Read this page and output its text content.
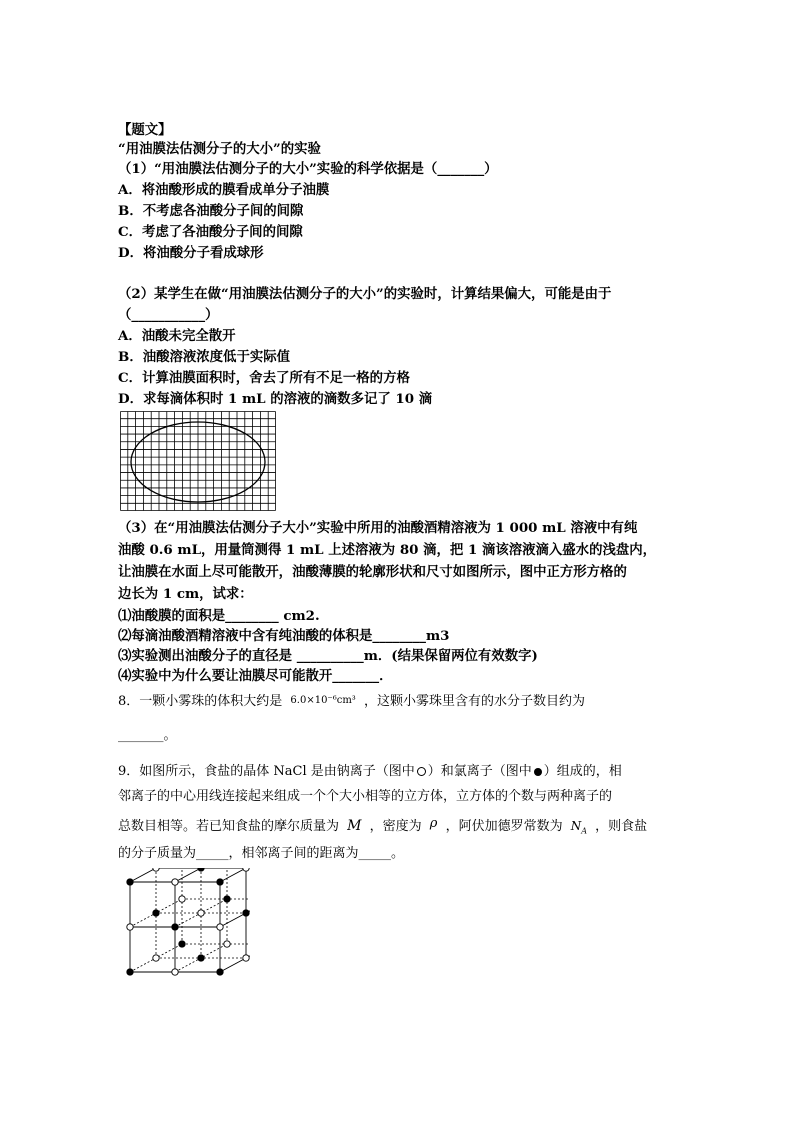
【题文】
“用油膜法估测分子的大小”的实验
（1）“用油膜法估测分子的大小”实验的科学依据是（_______）
A．将油酸形成的膜看成单分子油膜
B．不考虑各油酸分子间的间隙
C．考虑了各油酸分子间的间隙
D．将油酸分子看成球形
（2）某学生在做“用油膜法估测分子的大小”的实验时，计算结果偏大，可能是由于
（___________）
A．油酸未完全散开
B．油酸溶液浓度低于实际值
C．计算油膜面积时，舍去了所有不足一格的方格
D．求每滴体积时 1 mL 的溶液的滴数多记了 10 滴
（3）在“用油膜法估测分子大小”实验中所用的油酸酒精溶液为 1 000 mL 溶液中有纯
油酸 0.6 mL，用量筒测得 1 mL 上述溶液为 80 滴，把 1 滴该溶液滴入盛水的浅盘内，
让油膜在水面上尽可能散开，油酸薄膜的轮廓形状和尺寸如图所示，图中正方形方格的
边长为 1 cm，试求：
⑴油酸膜的面积是________ cm2.
⑵每滴油酸酒精溶液中含有纯油酸的体积是________m3
⑶实验测出油酸分子的直径是 __________m．(结果保留两位有效数字)
⑷实验中为什么要让油膜尽可能散开_______．
8．一颗小雾珠的体积大约是 6.0×10⁻⁶cm³ ，这颗小雾珠里含有的水分子数目约为
_______。
9．如图所示，食盐的晶体 NaCl 是由钠离子（图中 ）和氯离子（图中 ）组成的，相
邻离子的中心用线连接起来组成一个个大小相等的立方体，立方体的个数与两种离子的
总数目相等。若已知食盐的摩尔质量为 M ，密度为 ρ ，阿伏加德罗常数为 $N_A$ ，则食盐
的分子质量为_____，相邻离子间的距离为_____。
